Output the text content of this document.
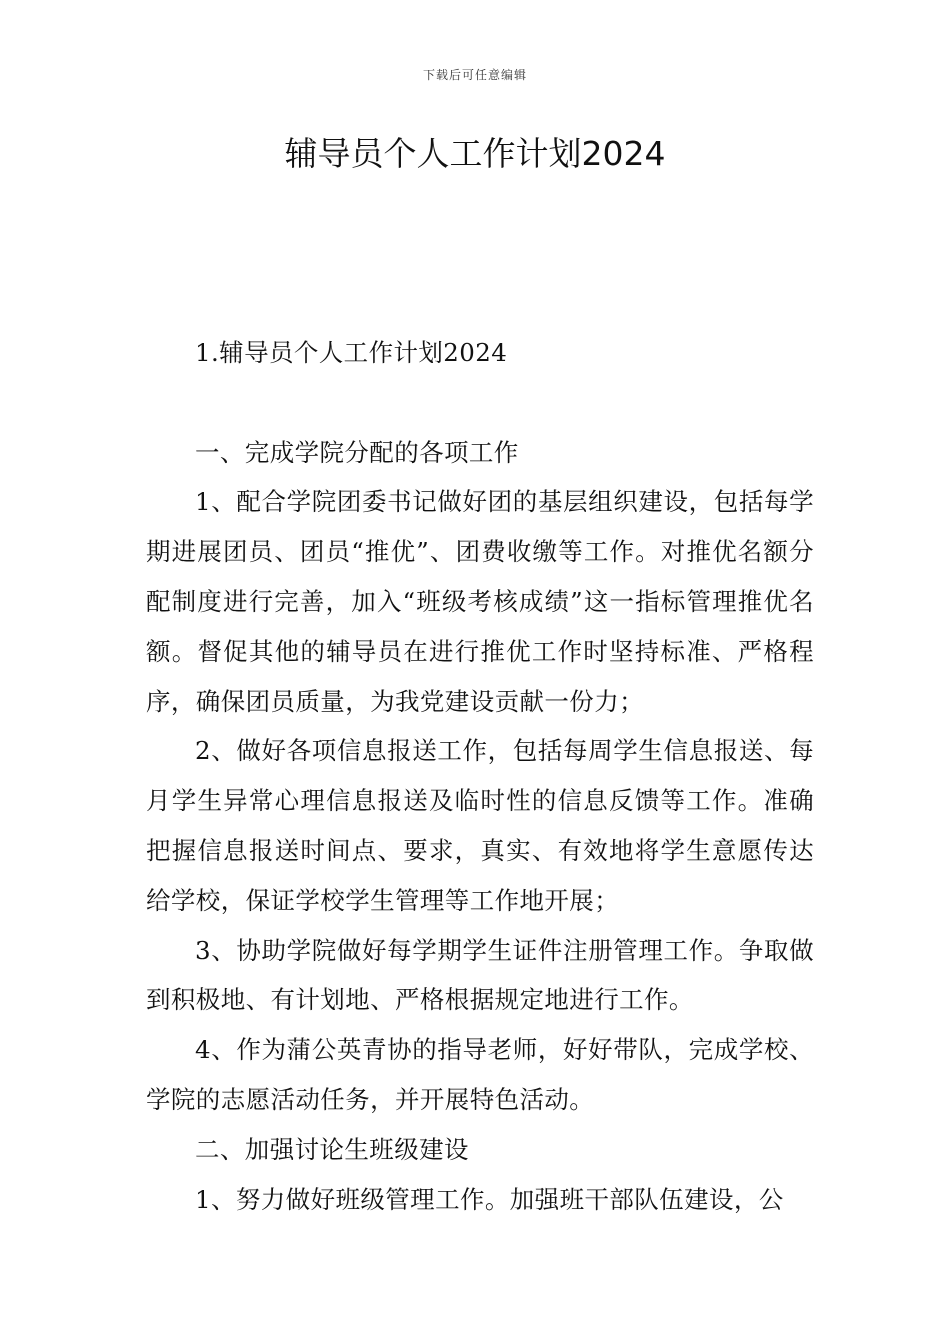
下载后可任意编辑
辅导员个人工作计划2024

1.辅导员个人工作计划2024

一、完成学院分配的各项工作

1、配合学院团委书记做好团的基层组织建设，包括每学期进展团员、团员“推优”、团费收缴等工作。对推优名额分配制度进行完善，加入“班级考核成绩”这一指标管理推优名额。督促其他的辅导员在进行推优工作时坚持标准、严格程序，确保团员质量，为我党建设贡献一份力；

2、做好各项信息报送工作，包括每周学生信息报送、每月学生异常心理信息报送及临时性的信息反馈等工作。准确把握信息报送时间点、要求，真实、有效地将学生意愿传达给学校，保证学校学生管理等工作地开展；

3、协助学院做好每学期学生证件注册管理工作。争取做到积极地、有计划地、严格根据规定地进行工作。

4、作为蒲公英青协的指导老师，好好带队，完成学校、学院的志愿活动任务，并开展特色活动。

二、加强讨论生班级建设

1、努力做好班级管理工作。加强班干部队伍建设，公
